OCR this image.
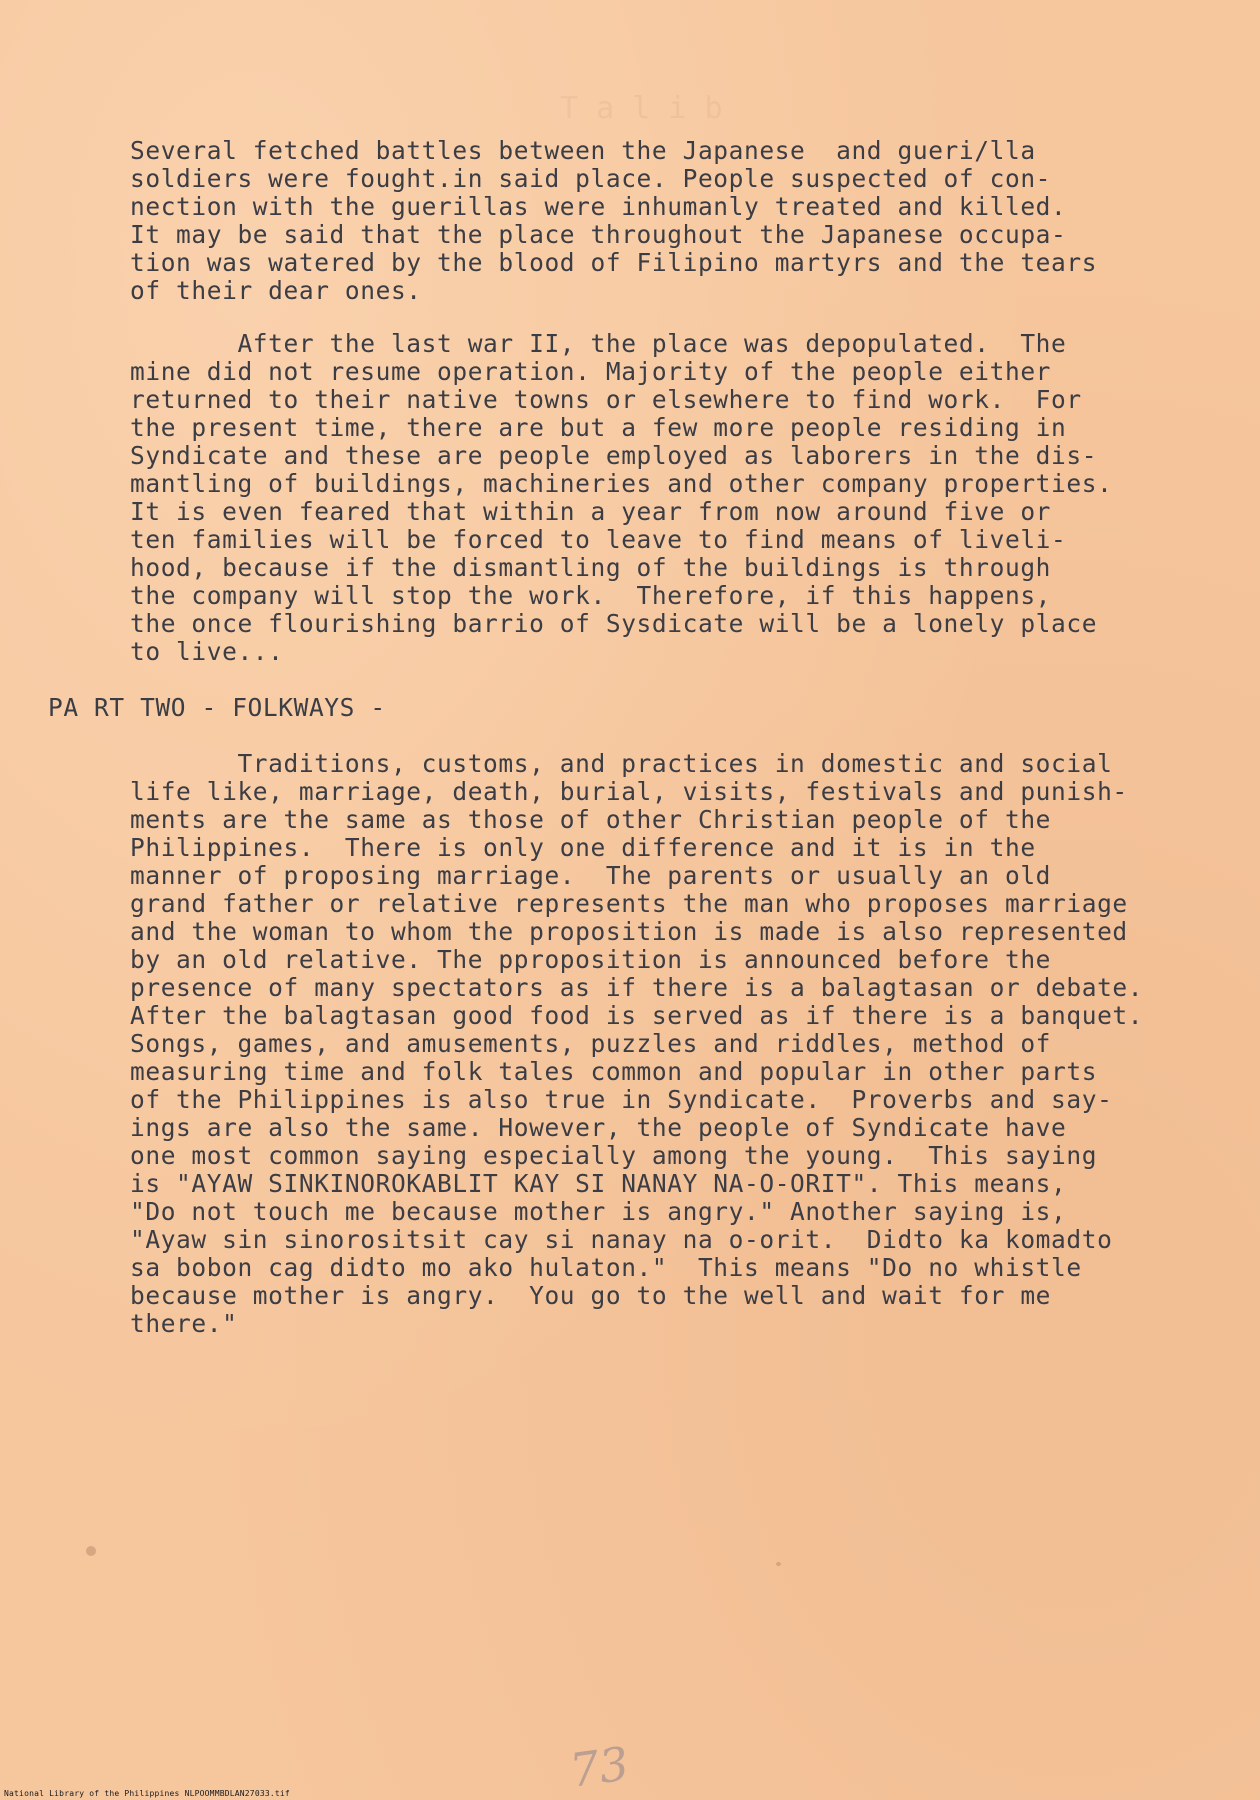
T a l i b

Several fetched battles between the Japanese  and gueri/lla
soldiers were fought.in said place. People suspected of con-
nection with the guerillas were inhumanly treated and killed.
It may be said that the place throughout the Japanese occupa-
tion was watered by the blood of Filipino martyrs and the tears
of their dear ones.

After the last war II, the place was depopulated.  The
mine did not resume operation. Majority of the people either
returned to their native towns or elsewhere to find work.  For
the present time, there are but a few more people residing in
Syndicate and these are people employed as laborers in the dis-
mantling of buildings, machineries and other company properties.
It is even feared that within a year from now around five or
ten families will be forced to leave to find means of liveli-
hood, because if the dismantling of the buildings is through
the company will stop the work.  Therefore, if this happens,
the once flourishing barrio of Sysdicate will be a lonely place
to live...

PA RT TWO - FOLKWAYS -

Traditions, customs, and practices in domestic and social
life like, marriage, death, burial, visits, festivals and punish-
ments are the same as those of other Christian people of the
Philippines.  There is only one difference and it is in the
manner of proposing marriage.  The parents or usually an old
grand father or relative represents the man who proposes marriage
and the woman to whom the proposition is made is also represented
by an old relative. The pproposition is announced before the
presence of many spectators as if there is a balagtasan or debate.
After the balagtasan good food is served as if there is a banquet.
Songs, games, and amusements, puzzles and riddles, method of
measuring time and folk tales common and popular in other parts
of the Philippines is also true in Syndicate.  Proverbs and say-
ings are also the same. However, the people of Syndicate have
one most common saying especially among the young.  This saying
is "AYAW SINKINOROKABLIT KAY SI NANAY NA-O-ORIT". This means,
"Do not touch me because mother is angry." Another saying is,
"Ayaw sin sinorositsit cay si nanay na o-orit.  Didto ka komadto
sa bobon cag didto mo ako hulaton."  This means "Do no whistle
because mother is angry.  You go to the well and wait for me
there."

73
National Library of the Philippines NLPOOMMBDLAN27033.tif
